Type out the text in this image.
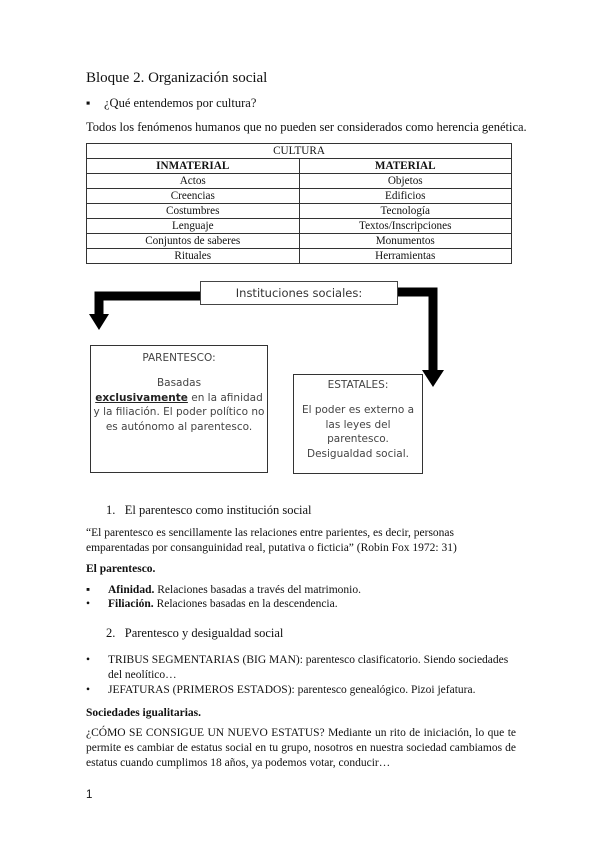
Bloque 2. Organización social
▪	¿Qué entendemos por cultura?
Todos los fenómenos humanos que no pueden ser considerados como herencia genética.
CULTURA	
INMATERIAL	MATERIAL
Actos	Objetos
Creencias	Edificios
Costumbres	Tecnología
Lenguaje	Textos/Inscripciones
Conjuntos de saberes	Monumentos
Rituales	Herramientas
Instituciones sociales:
PARENTESCO:
Basadas
exclusivamente en la afinidad y la filiación. El poder político no es autónomo al parentesco.
ESTATALES:
El poder es externo a las leyes del parentesco. Desigualdad social.
1.   El parentesco como institución social
“El parentesco es sencillamente las relaciones entre parientes, es decir, personas emparentadas por consanguinidad real, putativa o ficticia” (Robin Fox 1972: 31)
El parentesco.
▪	Afinidad. Relaciones basadas a través del matrimonio.
•	Filiación. Relaciones basadas en la descendencia.
2.   Parentesco y desigualdad social
•	TRIBUS SEGMENTARIAS (BIG MAN): parentesco clasificatorio. Siendo sociedades del neolítico…
•	JEFATURAS (PRIMEROS ESTADOS): parentesco genealógico. Pizoi jefatura.
Sociedades igualitarias.
¿CÓMO SE CONSIGUE UN NUEVO ESTATUS? Mediante un rito de iniciación, lo que te permite es cambiar de estatus social en tu grupo, nosotros en nuestra sociedad cambiamos de estatus cuando cumplimos 18 años, ya podemos votar, conducir…
1
